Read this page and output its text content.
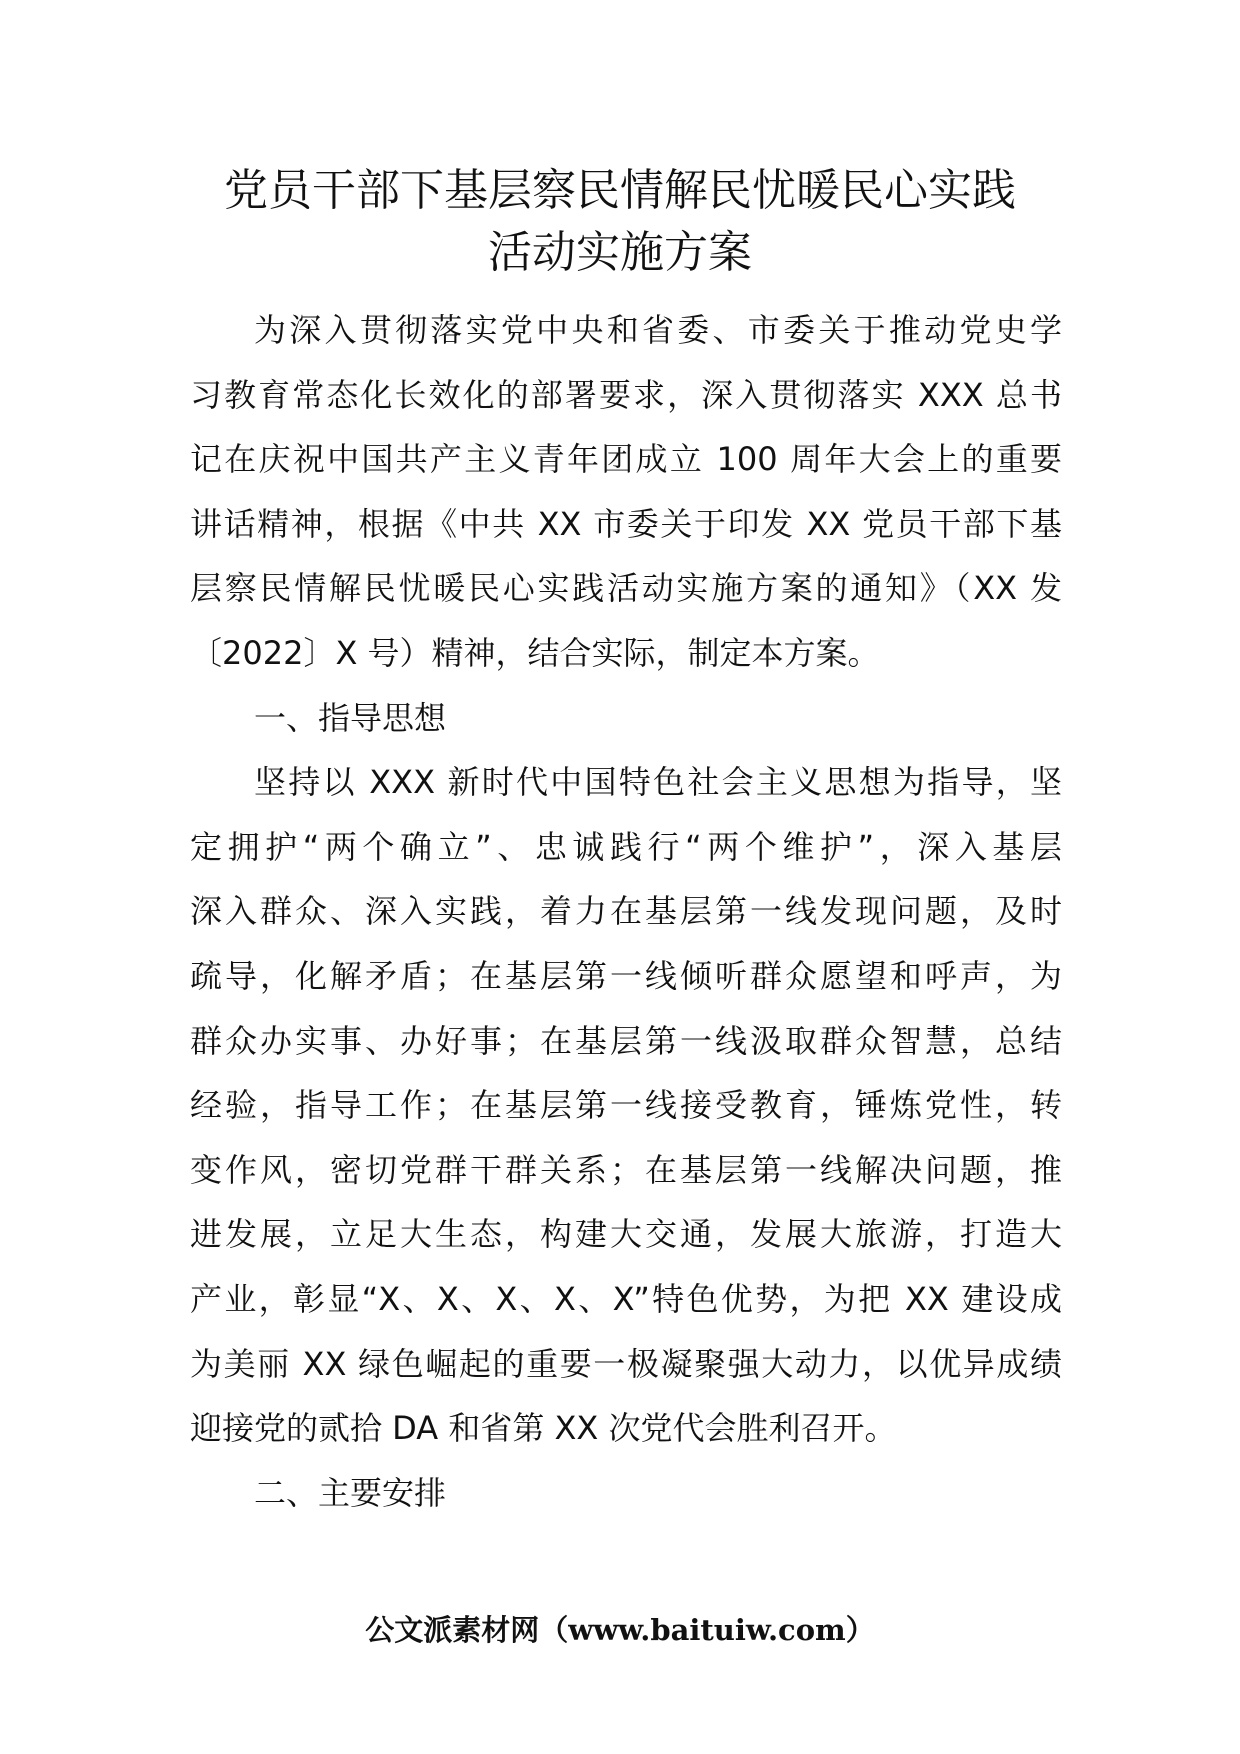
党员干部下基层察民情解民忧暖民心实践
活动实施方案
为深入贯彻落实党中央和省委、市委关于推动党史学
习教育常态化长效化的部署要求，深入贯彻落实 XXX 总书
记在庆祝中国共产主义青年团成立 100 周年大会上的重要
讲话精神，根据《中共 XX 市委关于印发 XX 党员干部下基
层察民情解民忧暖民心实践活动实施方案的通知》（XX 发
〔2022〕X 号）精神，结合实际，制定本方案。
一、指导思想
坚持以 XXX 新时代中国特色社会主义思想为指导，坚
定拥护“两个确立”、忠诚践行“两个维护”，深入基层
深入群众、深入实践，着力在基层第一线发现问题，及时
疏导，化解矛盾；在基层第一线倾听群众愿望和呼声，为
群众办实事、办好事；在基层第一线汲取群众智慧，总结
经验，指导工作；在基层第一线接受教育，锤炼党性，转
变作风，密切党群干群关系；在基层第一线解决问题，推
进发展，立足大生态，构建大交通，发展大旅游，打造大
产业，彰显“X、X、X、X、X”特色优势，为把 XX 建设成
为美丽 XX 绿色崛起的重要一极凝聚强大动力，以优异成绩
迎接党的贰拾 DA 和省第 XX 次党代会胜利召开。
二、主要安排
公文派素材网（www.baituiw.com）
